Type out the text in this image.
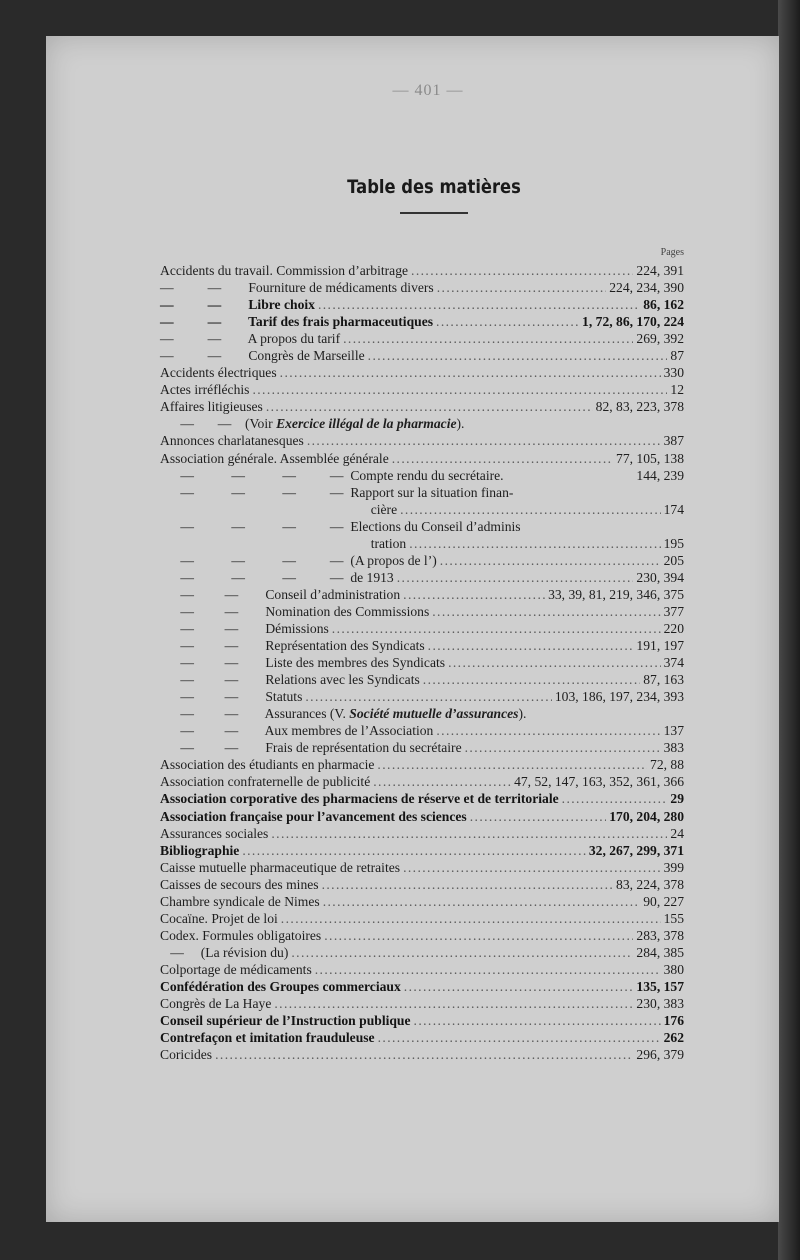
— 401 —
Table des matières
Pages
Accidents du travail. Commission d’arbitrage . . .	224, 391
—          —        Fourniture de médicaments divers . . .	224, 234, 390
—          —        Libre choix . . .	86, 162
—          —        Tarif des frais pharmaceutiques . . .	1, 72, 86, 170, 224
—          —        A propos du tarif . . .	269, 392
—          —        Congrès de Marseille . . .	87
Accidents électriques . . .	330
Actes irréfléchis . . .	12
Affaires litigieuses . . .	82, 83, 223, 378
—       —    (Voir Exercice illégal de la pharmacie).
Annonces charlatanesques . . .	387
Association générale. Assemblée générale . . .	77, 105, 138
—           —           —          —  Compte rendu du secrétaire.	144, 239
—           —           —          —  Rapport sur la situation finan-
cière . . .	174
—           —           —          —  Elections du Conseil d’adminis
tration . . .	195
—           —           —          —  (A propos de l’) . . .	205
—           —           —          —  de 1913 . . .	230, 394
—         —        Conseil d’administration . . .	33, 39, 81, 219, 346, 375
—         —        Nomination des Commissions . . .	377
—         —        Démissions . . .	220
—         —        Représentation des Syndicats . . .	191, 197
—         —        Liste des membres des Syndicats . . .	374
—         —        Relations avec les Syndicats . . .	87, 163
—         —        Statuts . . .	103, 186, 197, 234, 393
—         —        Assurances (V. Société mutuelle d’assurances).
—         —        Aux membres de l’Association . . .	137
—         —        Frais de représentation du secrétaire . . .	383
Association des étudiants en pharmacie . . .	72, 88
Association confraternelle de publicité . . .	47, 52, 147, 163, 352, 361, 366
Association corporative des pharmaciens de réserve et de territoriale . . .	29
Association française pour l’avancement des sciences . . .	170, 204, 280
Assurances sociales . . .	24
Bibliographie . . .	32, 267, 299, 371
Caisse mutuelle pharmaceutique de retraites . . .	399
Caisses de secours des mines . . .	83, 224, 378
Chambre syndicale de Nimes . . .	90, 227
Cocaïne. Projet de loi . . .	155
Codex. Formules obligatoires . . .	283, 378
—     (La révision du) . . .	284, 385
Colportage de médicaments . . .	380
Confédération des Groupes commerciaux . . .	135, 157
Congrès de La Haye . . .	230, 383
Conseil supérieur de l’Instruction publique . . .	176
Contrefaçon et imitation frauduleuse . . .	262
Coricides . . .	296, 379
